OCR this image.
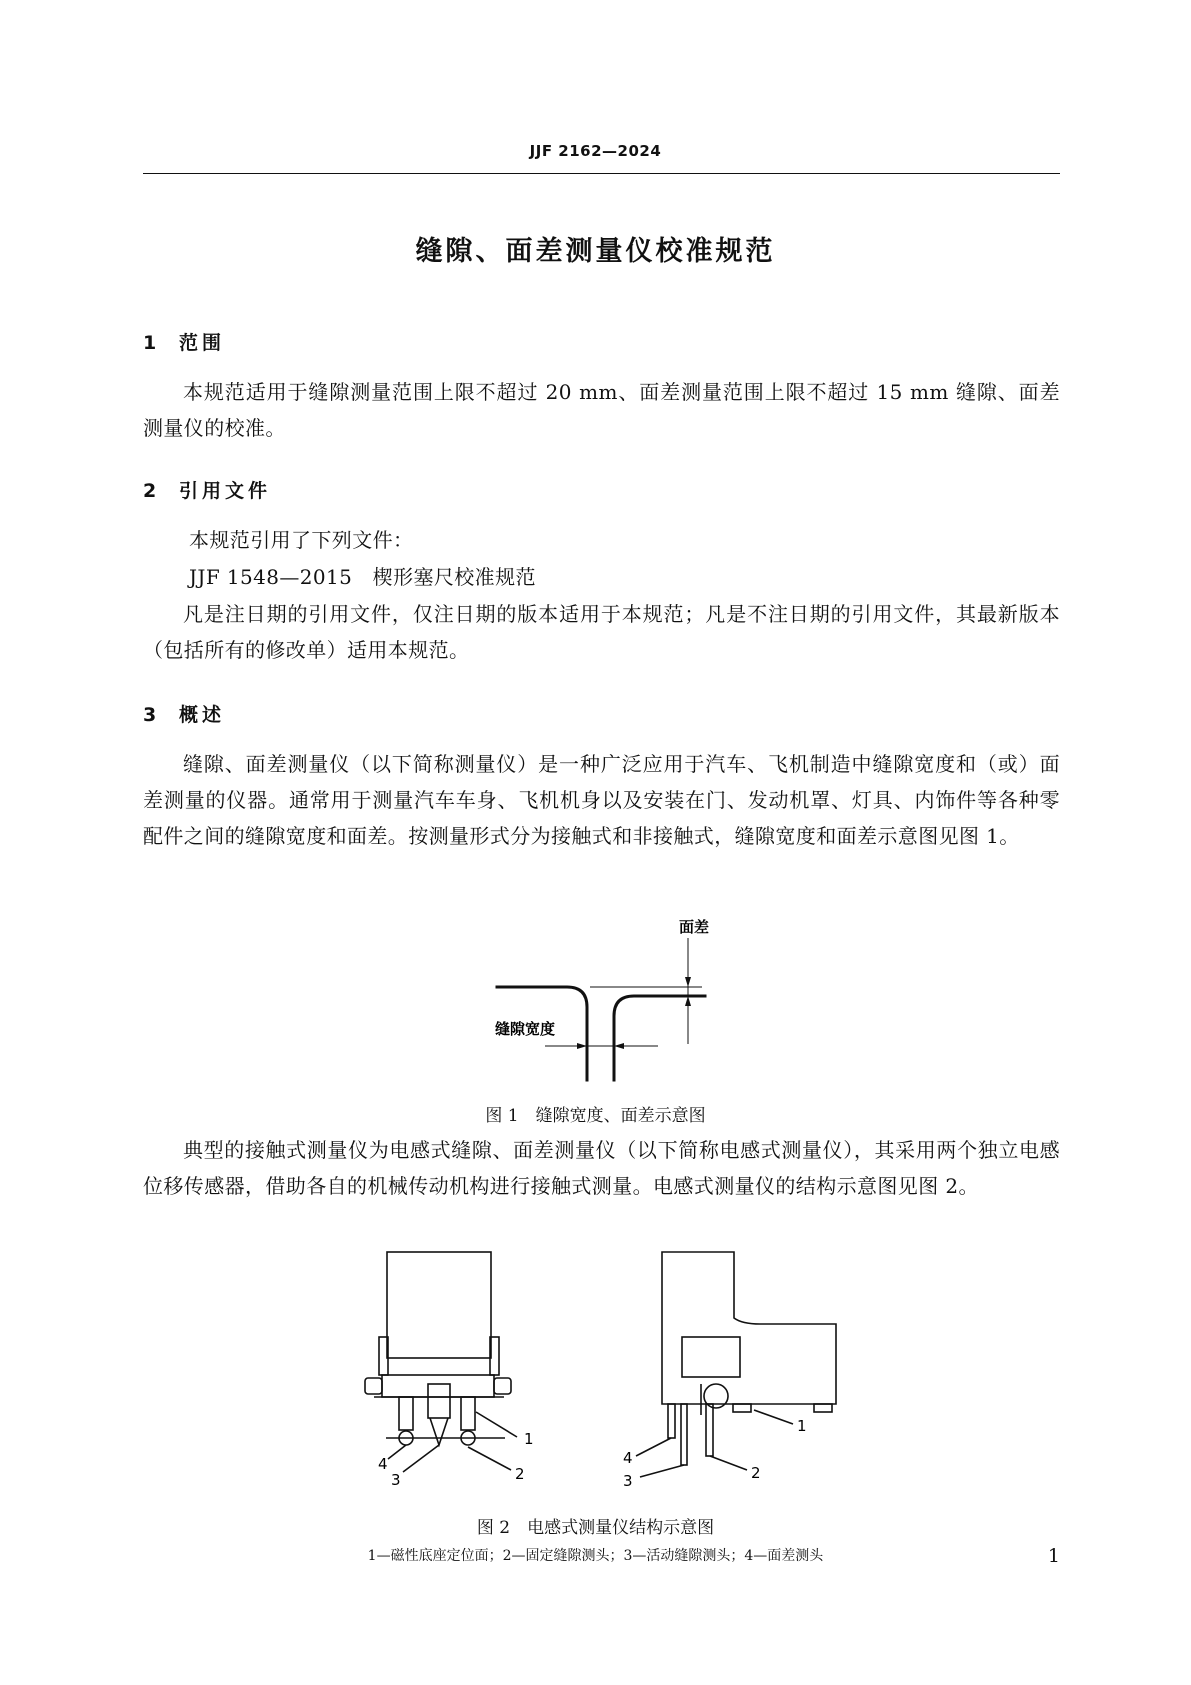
JJF 2162—2024
缝隙、面差测量仪校准规范
1 范围
本规范适用于缝隙测量范围上限不超过 20 mm、面差测量范围上限不超过 15 mm 缝隙、面差测量仪的校准。
2 引用文件
本规范引用了下列文件：
JJF 1548—2015　楔形塞尺校准规范
凡是注日期的引用文件，仅注日期的版本适用于本规范；凡是不注日期的引用文件，其最新版本（包括所有的修改单）适用本规范。
3 概述
缝隙、面差测量仪（以下简称测量仪）是一种广泛应用于汽车、飞机制造中缝隙宽度和（或）面差测量的仪器。通常用于测量汽车车身、飞机机身以及安装在门、发动机罩、灯具、内饰件等各种零配件之间的缝隙宽度和面差。按测量形式分为接触式和非接触式，缝隙宽度和面差示意图见图 1。
面差
缝隙宽度
图 1　缝隙宽度、面差示意图
典型的接触式测量仪为电感式缝隙、面差测量仪（以下简称电感式测量仪），其采用两个独立电感位移传感器，借助各自的机械传动机构进行接触式测量。电感式测量仪的结构示意图见图 2。
1
2
3
4
1
2
3
4
图 2　电感式测量仪结构示意图
1—磁性底座定位面；2—固定缝隙测头；3—活动缝隙测头；4—面差测头	1
